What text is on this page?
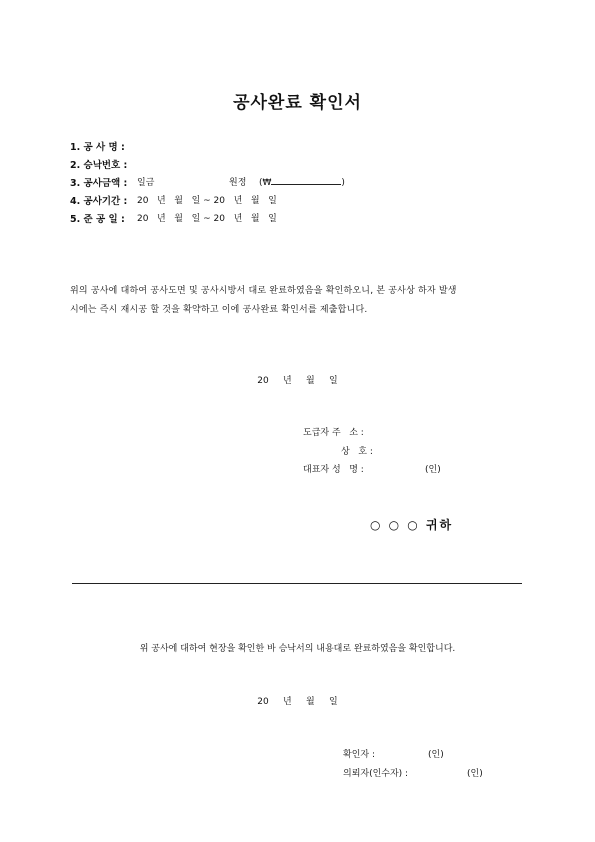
공사완료 확인서
1. 공 사 명 :
2. 승낙번호 :
3. 공사금액 : 일금	원정 (₩	)
4. 공사기간 : 20   년   월   일 ~ 20   년   월   일
5. 준 공 일 : 20   년   월   일 ~ 20   년   월   일
위의 공사에 대하여 공사도면 및 공사시방서 대로 완료하였음을 확인하오니, 본 공사상 하자 발생
시에는 즉시 재시공 할 것을 확약하고 이에 공사완료 확인서를 제출합니다.
20     년     월     일
도급자 주   소 :
상   호 :
대표자 성   명 :	(인)
○ ○ ○ 귀하
위 공사에 대하여 현장을 확인한 바 승낙서의 내용대로 완료하였음을 확인합니다.
20     년     월     일
확인자 :	(인)
의뢰자(인수자) :	(인)
